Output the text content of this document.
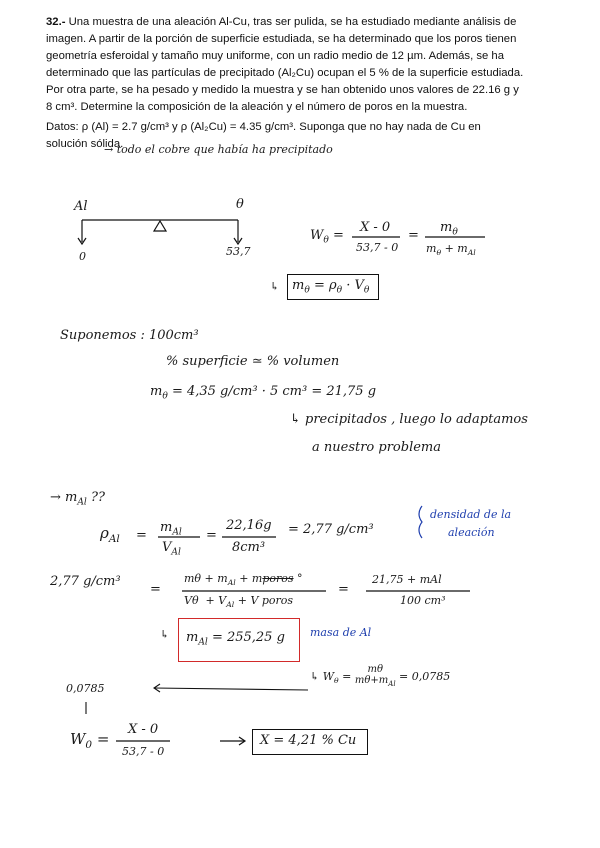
32.- Una muestra de una aleación Al-Cu, tras ser pulida, se ha estudiado mediante análisis de imagen. A partir de la porción de superficie estudiada, se ha determinado que los poros tienen geometría esferoidal y tamaño muy uniforme, con un radio medio de 12 µm. Además, se ha determinado que las partículas de precipitado (Al₂Cu) ocupan el 5 % de la superficie estudiada. Por otra parte, se ha pesado y medido la muestra y se han obtenido unos valores de 22.16 g y 8 cm³. Determine la composición de la aleación y el número de poros en la muestra.

Datos: ρ (Al) = 2.7 g/cm³ y ρ (Al₂Cu) = 4.35 g/cm³. Suponga que no hay nada de Cu en solución sólida.

→ todo el cobre que había ha precipitado
Al	θ
0	53,7
$W_\theta$ =
X - 0
53,7 - 0
=
$m_\theta$
$m_\theta + m_{Al}$
↳ $m_\theta = \rho_\theta \cdot V_\theta$
Suponemos : 100cm³
% superficie ≃ % volumen
$m_\theta = 4,35$ g/cm³ · 5 cm³ = 21,75 g
↳ precipitados , luego lo adaptamos
a nuestro problema
→ $m_{Al}$ ??
$\rho_{Al}$ =
$m_{Al}$
$V_{Al}$
=
22,16g
8cm³
= 2,77 g/cm³
densidad de la
aleación
2,77 g/cm³
=
$m\theta + m_{Al}$ + mporos °
$V\theta + V_{Al} + V$ poros
=
21,75 + mAl
100 cm³
↳ $m_{Al} = 255,25$ g masa de Al
↳ $W_\theta = m\theta$
$m\theta+m_{Al} = 0,0785$
0,0785
$W_0$ =
X - 0
53,7 - 0
X = 4,21 % Cu
